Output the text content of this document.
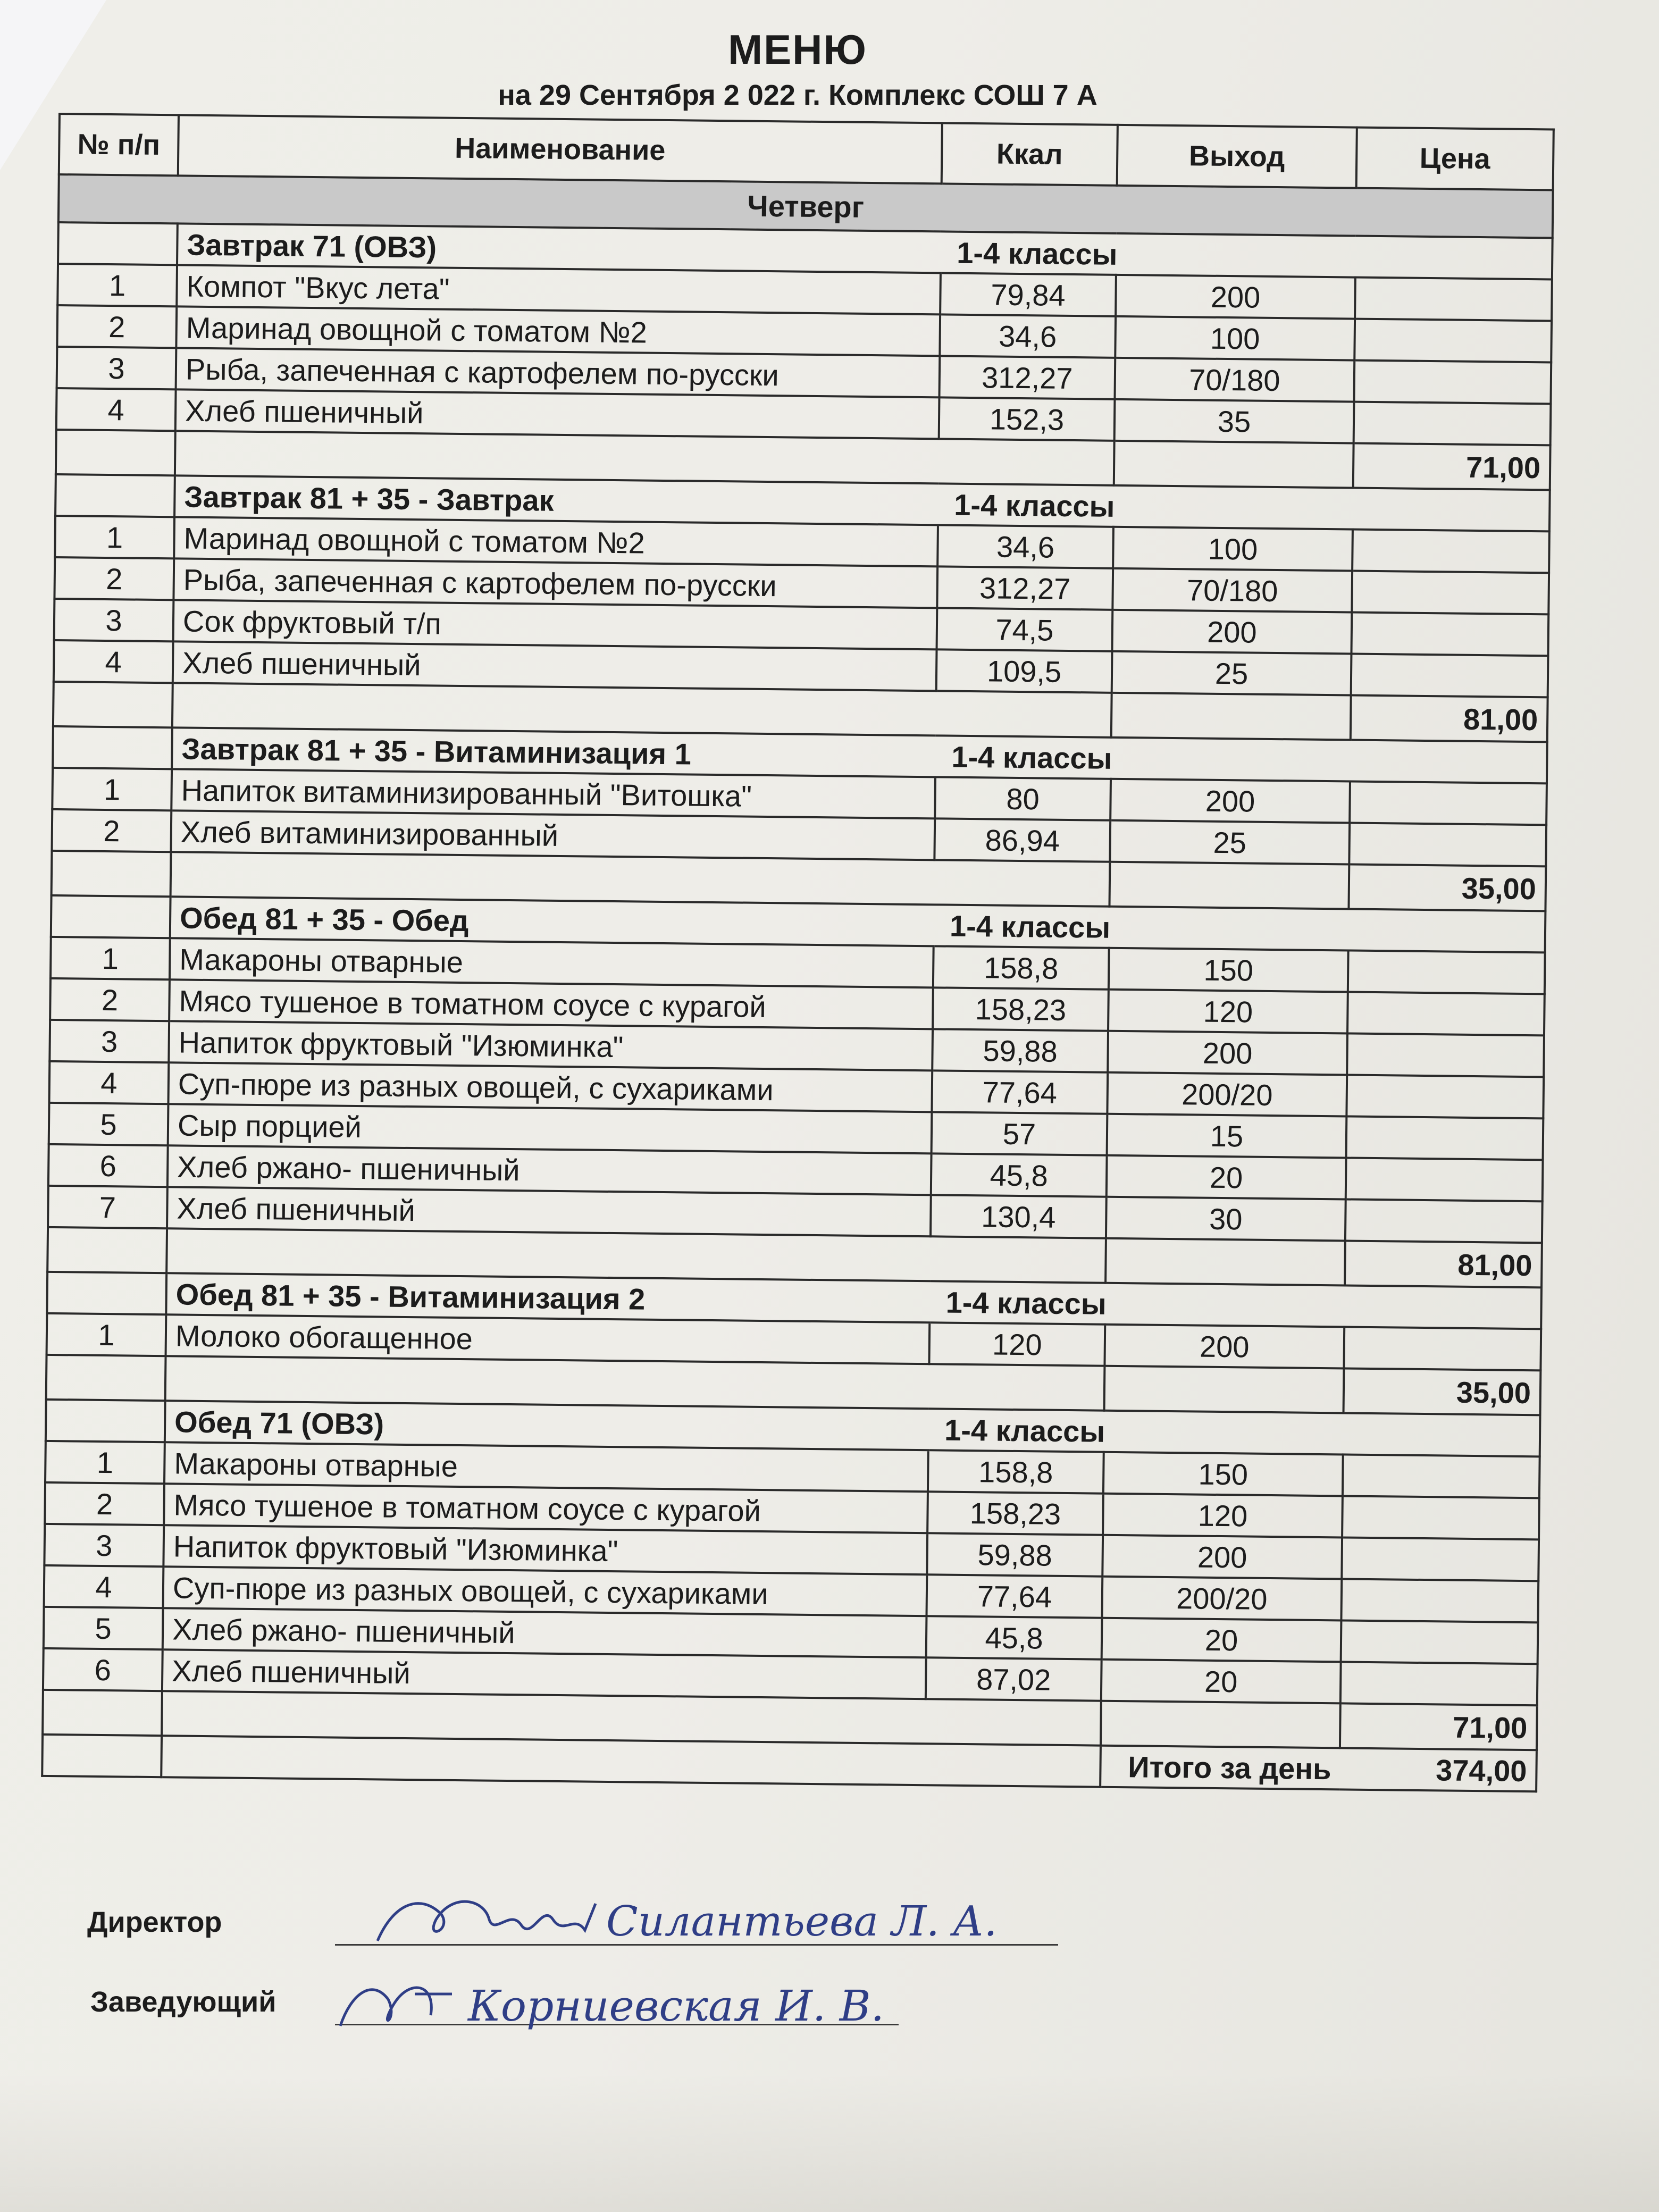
МЕНЮ
на 29 Сентября 2 022 г. Комплекс СОШ 7 А
№ п/п	Наименование	Ккал	Выход	Цена
Четверг				
	Завтрак 71 (ОВЗ)	1-4 классы		
1	Компот "Вкус лета"	79,84	200	
2	Маринад овощной с томатом №2	34,6	100	
3	Рыба, запеченная с картофелем по-русски	312,27	70/180	
4	Хлеб пшеничный	152,3	35	
				71,00
	Завтрак 81 + 35 - Завтрак	1-4 классы		
1	Маринад овощной с томатом №2	34,6	100	
2	Рыба, запеченная с картофелем по-русски	312,27	70/180	
3	Сок фруктовый т/п	74,5	200	
4	Хлеб пшеничный	109,5	25	
				81,00
	Завтрак 81 + 35 - Витаминизация 1	1-4 классы		
1	Напиток витаминизированный "Витошка"	80	200	
2	Хлеб витаминизированный	86,94	25	
				35,00
	Обед 81 + 35 - Обед	1-4 классы		
1	Макароны отварные	158,8	150	
2	Мясо тушеное в томатном соусе с курагой	158,23	120	
3	Напиток фруктовый "Изюминка"	59,88	200	
4	Суп-пюре из разных овощей, с сухариками	77,64	200/20	
5	Сыр порцией	57	15	
6	Хлеб ржано- пшеничный	45,8	20	
7	Хлеб пшеничный	130,4	30	
				81,00
	Обед 81 + 35 - Витаминизация 2	1-4 классы		
1	Молоко обогащенное	120	200	
				35,00
	Обед 71 (ОВЗ)	1-4 классы		
1	Макароны отварные	158,8	150	
2	Мясо тушеное в томатном соусе с курагой	158,23	120	
3	Напиток фруктовый "Изюминка"	59,88	200	
4	Суп-пюре из разных овощей, с сухариками	77,64	200/20	
5	Хлеб ржано- пшеничный	45,8	20	
6	Хлеб пшеничный	87,02	20	
				71,00
			Итого за день	374,00
Директор	Силантьева Л. А.
Заведующий	Корниевская И. В.
